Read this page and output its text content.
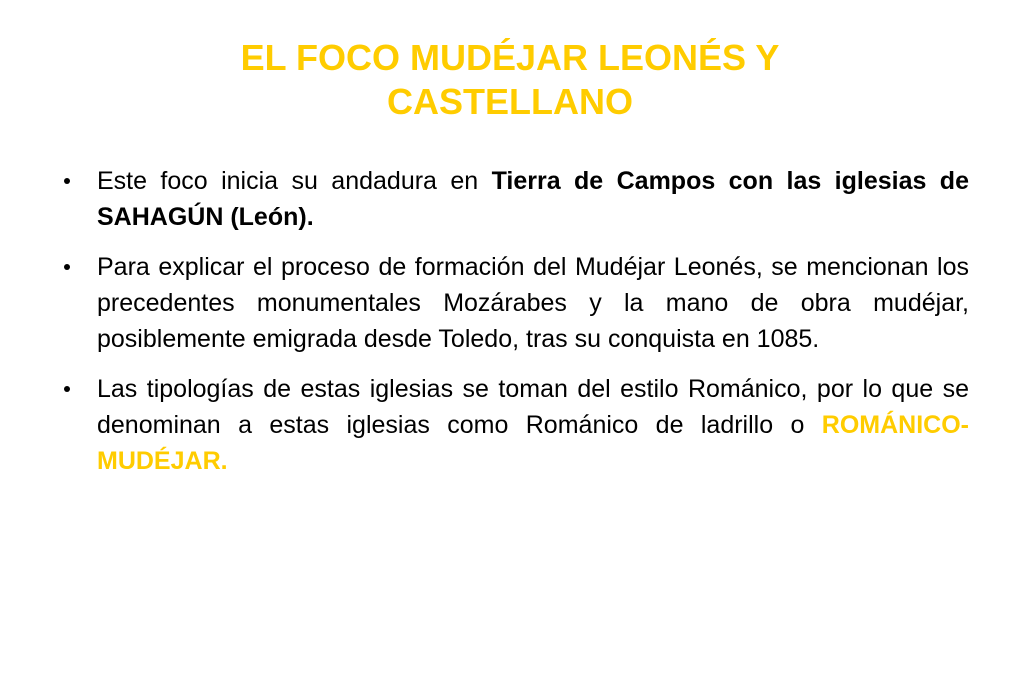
EL FOCO MUDÉJAR LEONÉS Y
CASTELLANO
Este foco inicia su andadura en Tierra de Campos con las iglesias de SAHAGÚN (León).
Para explicar el proceso de formación del Mudéjar Leonés, se mencionan los precedentes monumentales Mozárabes y la mano de obra mudéjar, posiblemente emigrada desde Toledo, tras su conquista en 1085.
Las tipologías de estas iglesias se toman del estilo Románico, por lo que se denominan a estas iglesias como Románico de ladrillo o ROMÁNICO-MUDÉJAR.
